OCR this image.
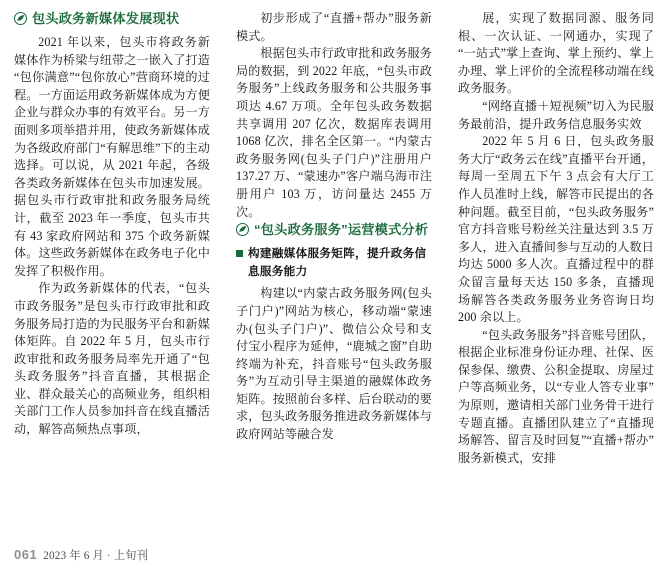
包头政务新媒体发展现状

2021 年以来，包头市将政务新媒体作为桥梁与纽带之一嵌入了打造“包你满意”“包你放心”营商环境的过程。一方面运用政务新媒体成为方便企业与群众办事的有效平台。另一方面则多项举措并用，使政务新媒体成为各级政府部门“有解思维”下的主动选择。可以说，从 2021 年起，各级各类政务新媒体在包头市加速发展。据包头市行政审批和政务服务局统计，截至 2023 年一季度，包头市共有 43 家政府网站和 375 个政务新媒体。这些政务新媒体在政务电子化中发挥了积极作用。

作为政务新媒体的代表，“包头市政务服务”是包头市行政审批和政务服务局打造的为民服务平台和新媒体矩阵。自 2022 年 5 月，包头市行政审批和政务服务局率先开通了“包头政务服务”抖音直播，其根据企业、群众最关心的高频业务，组织相关部门工作人员参加抖音在线直播活动，解答高频热点事项，

初步形成了“直播+帮办”服务新模式。

根据包头市行政审批和政务服务局的数据，到 2022 年底，“包头市政务服务”上线政务服务和公共服务事项达 4.67 万项。全年包头政务数据共享调用 207 亿次，数据库表调用 1068 亿次，排名全区第一。“内蒙古政务服务网(包头子门户)”注册用户 137.27 万、“蒙速办”客户端乌海市注册用户 103 万，访问量达 2455 万次。

“包头政务服务”运营模式分析
构建融媒体服务矩阵，提升政务信息服务能力

构建以“内蒙古政务服务网(包头子门户)”网站为核心，移动端“蒙速办(包头子门户)”、微信公众号和支付宝小程序为延伸，“鹿城之窗”自助终端为补充，抖音账号“包头政务服务”为互动引导主渠道的融媒体政务矩阵。按照前台多样、后台联动的要求，包头政务服务推进政务新媒体与政府网站等融合发

展，实现了数据同源、服务同根、一次认证、一网通办，实现了“一站式”掌上查询、掌上预约、掌上办理、掌上评价的全流程移动端在线政务服务。

“网络直播＋短视频”切入为民服务最前沿，提升政务信息服务实效

2022 年 5 月 6 日，包头政务服务大厅“政务云在线”直播平台开通，每周一至周五下午 3 点会有大厅工作人员准时上线，解答市民提出的各种问题。截至目前，“包头政务服务”官方抖音账号粉丝关注量达到 3.5 万多人，进入直播间参与互动的人数日均达 5000 多人次。直播过程中的群众留言量每天达 150 多条，直播现场解答各类政务服务业务咨询日均 200 余以上。

“包头政务服务”抖音账号团队，根据企业标准身份证办理、社保、医保参保、缴费、公积金提取、房屋过户等高频业务，以“专业人答专业事”为原则，邀请相关部门业务骨干进行专题直播。直播团队建立了“直播现场解答、留言及时回复”“直播+帮办”服务新模式，安排

061 2023 年 6 月 · 上旬刊
